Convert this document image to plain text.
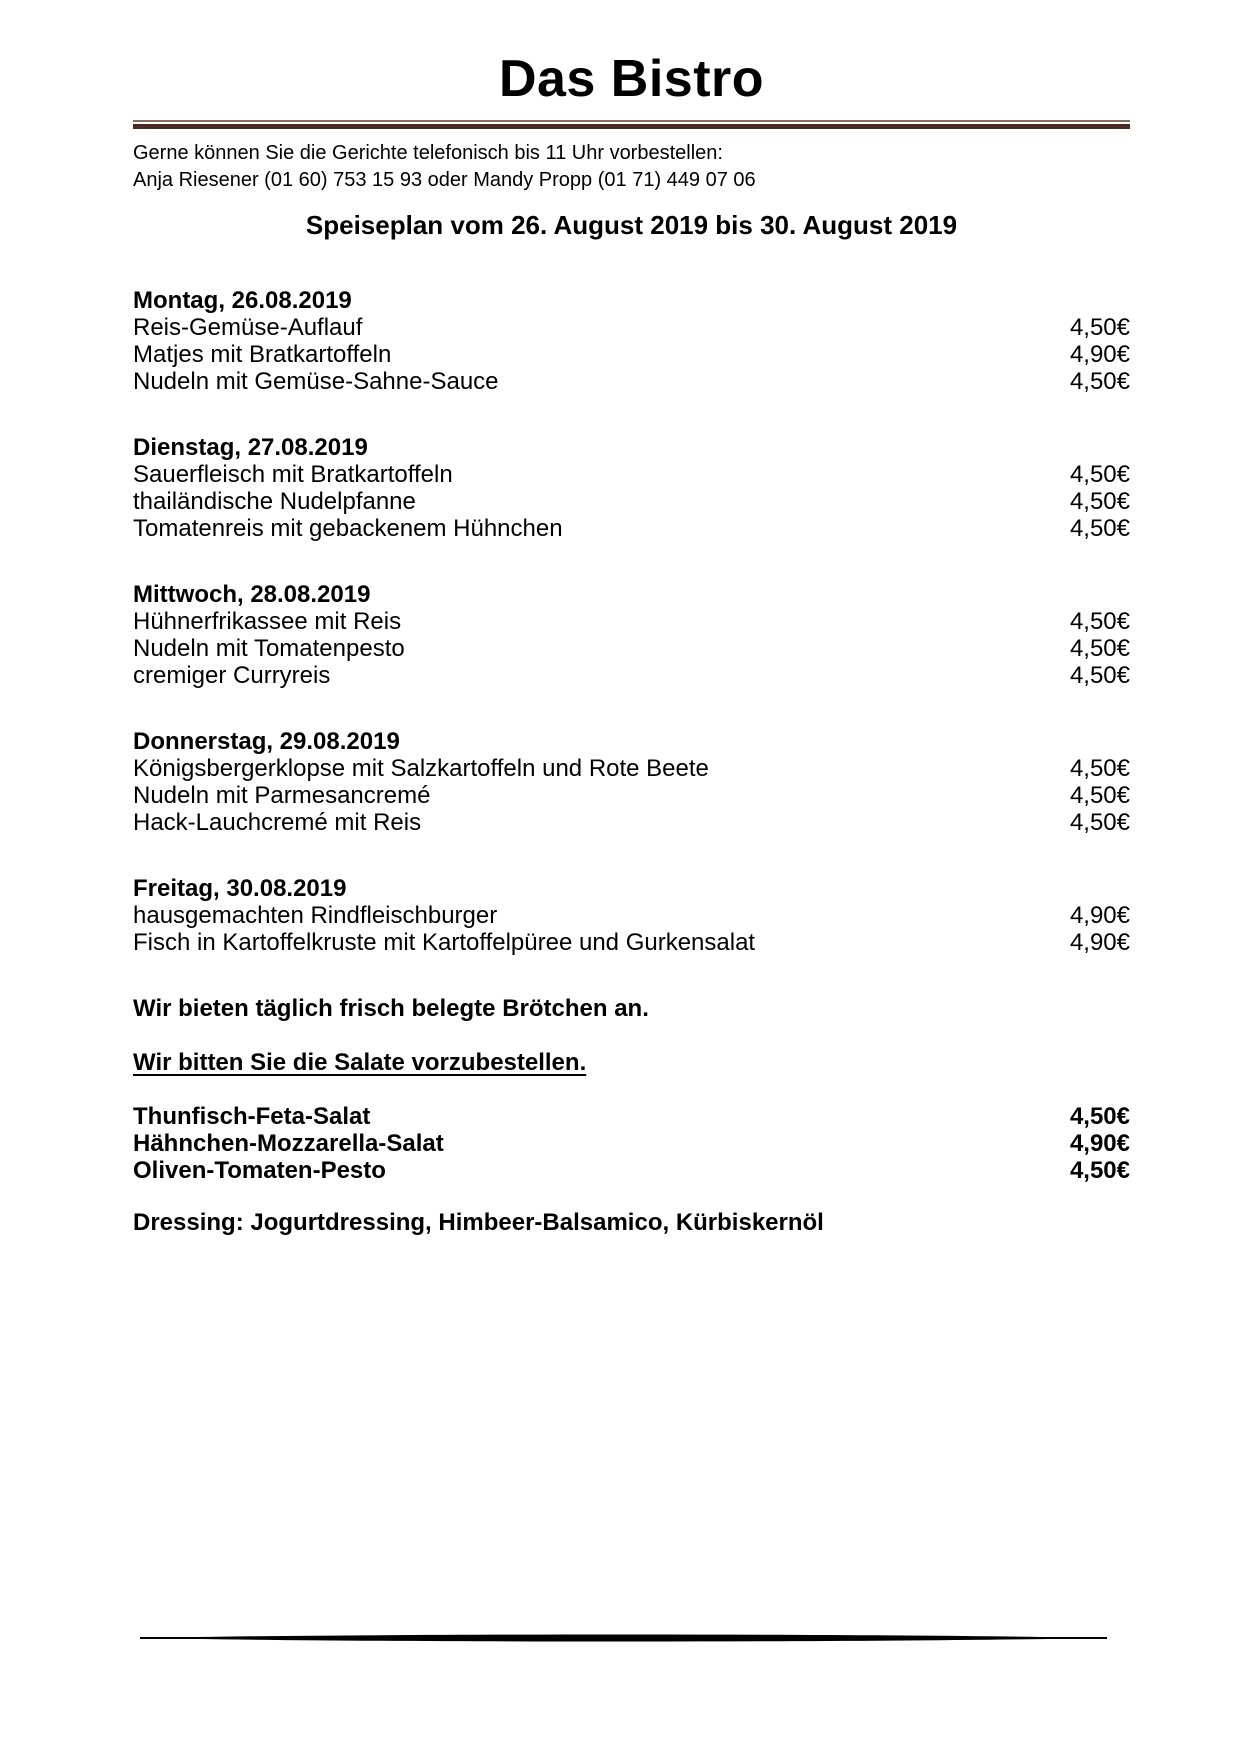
Das Bistro
Gerne können Sie die Gerichte telefonisch bis 11 Uhr vorbestellen:
Anja Riesener (01 60) 753 15 93 oder Mandy Propp (01 71) 449 07 06
Speiseplan vom 26. August 2019 bis 30. August 2019
Montag, 26.08.2019
Reis-Gemüse-Auflauf	4,50€
Matjes mit Bratkartoffeln	4,90€
Nudeln mit Gemüse-Sahne-Sauce	4,50€
Dienstag, 27.08.2019
Sauerfleisch mit Bratkartoffeln	4,50€
thailändische Nudelpfanne	4,50€
Tomatenreis mit gebackenem Hühnchen	4,50€
Mittwoch, 28.08.2019
Hühnerfrikassee mit Reis	4,50€
Nudeln mit Tomatenpesto	4,50€
cremiger Curryreis	4,50€
Donnerstag, 29.08.2019
Königsbergerklopse mit Salzkartoffeln und Rote Beete	4,50€
Nudeln mit Parmesancremé	4,50€
Hack-Lauchcremé mit Reis	4,50€
Freitag, 30.08.2019
hausgemachten Rindfleischburger	4,90€
Fisch in Kartoffelkruste mit Kartoffelpüree und Gurkensalat	4,90€
Wir bieten täglich frisch belegte Brötchen an.
Wir bitten Sie die Salate vorzubestellen.
Thunfisch-Feta-Salat	4,50€
Hähnchen-Mozzarella-Salat	4,90€
Oliven-Tomaten-Pesto	4,50€
Dressing: Jogurtdressing, Himbeer-Balsamico, Kürbiskernöl
